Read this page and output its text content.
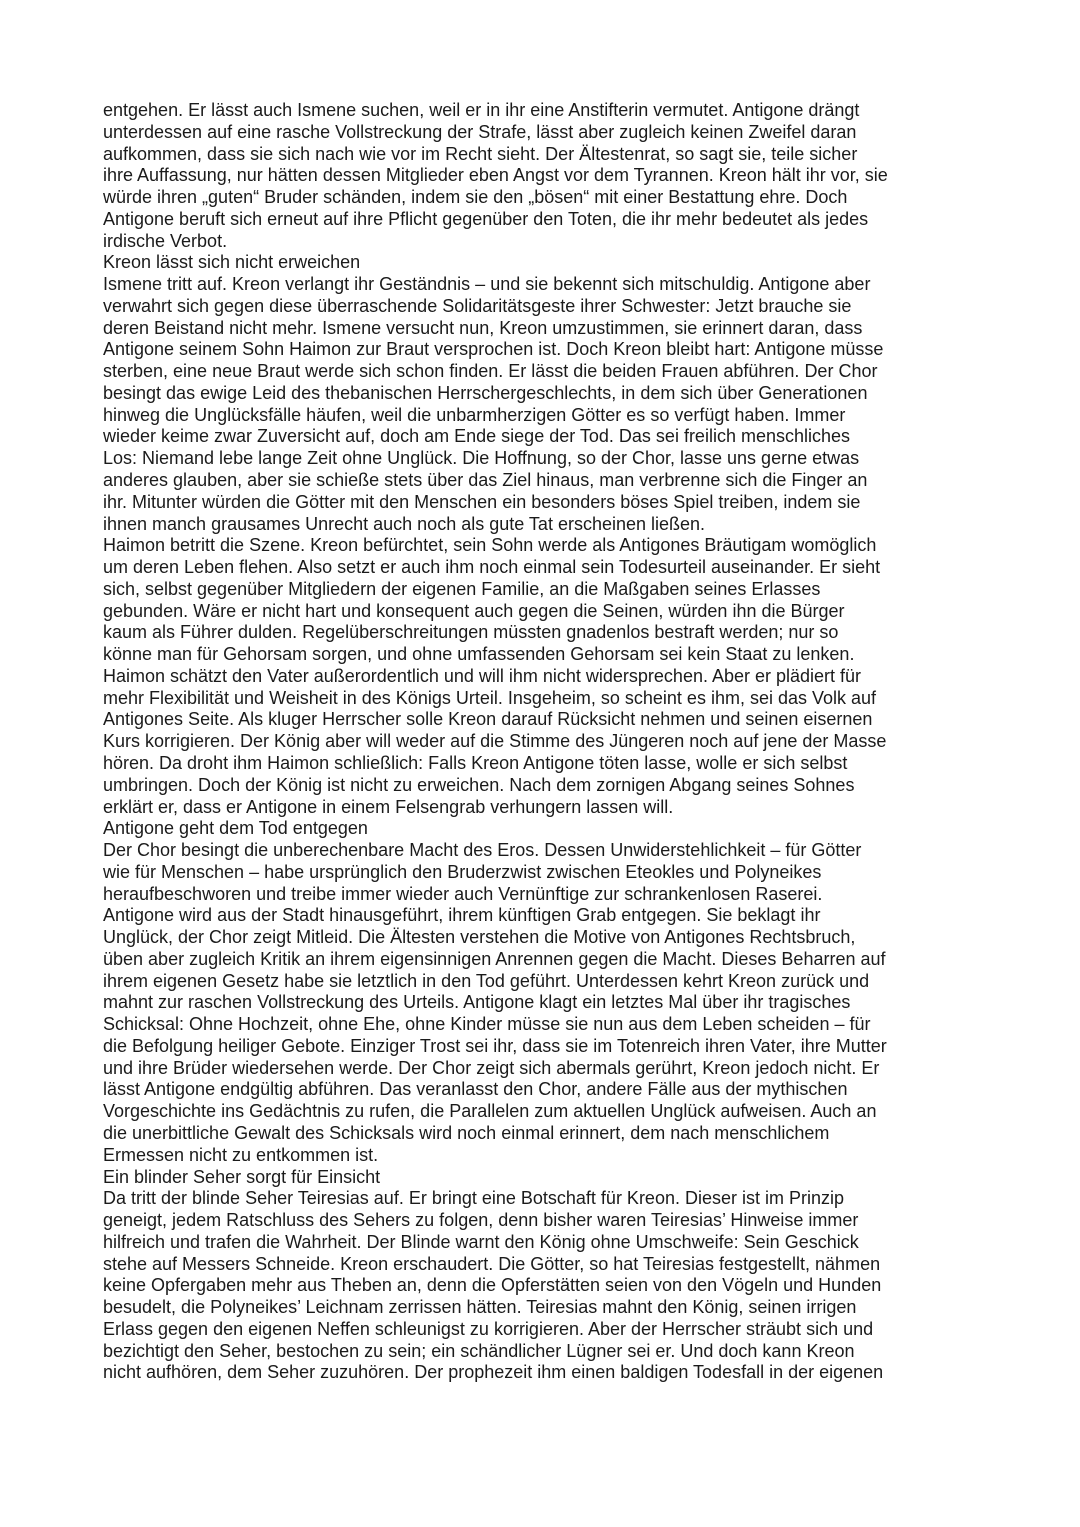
entgehen. Er lässt auch Ismene suchen, weil er in ihr eine Anstifterin vermutet. Antigone drängt
unterdessen auf eine rasche Vollstreckung der Strafe, lässt aber zugleich keinen Zweifel daran
aufkommen, dass sie sich nach wie vor im Recht sieht. Der Ältestenrat, so sagt sie, teile sicher
ihre Auffassung, nur hätten dessen Mitglieder eben Angst vor dem Tyrannen. Kreon hält ihr vor, sie
würde ihren „guten“ Bruder schänden, indem sie den „bösen“ mit einer Bestattung ehre. Doch
Antigone beruft sich erneut auf ihre Pflicht gegenüber den Toten, die ihr mehr bedeutet als jedes
irdische Verbot.
Kreon lässt sich nicht erweichen
Ismene tritt auf. Kreon verlangt ihr Geständnis – und sie bekennt sich mitschuldig. Antigone aber
verwahrt sich gegen diese überraschende Solidaritätsgeste ihrer Schwester: Jetzt brauche sie
deren Beistand nicht mehr. Ismene versucht nun, Kreon umzustimmen, sie erinnert daran, dass
Antigone seinem Sohn Haimon zur Braut versprochen ist. Doch Kreon bleibt hart: Antigone müsse
sterben, eine neue Braut werde sich schon finden. Er lässt die beiden Frauen abführen. Der Chor
besingt das ewige Leid des thebanischen Herrschergeschlechts, in dem sich über Generationen
hinweg die Unglücksfälle häufen, weil die unbarmherzigen Götter es so verfügt haben. Immer
wieder keime zwar Zuversicht auf, doch am Ende siege der Tod. Das sei freilich menschliches
Los: Niemand lebe lange Zeit ohne Unglück. Die Hoffnung, so der Chor, lasse uns gerne etwas
anderes glauben, aber sie schieße stets über das Ziel hinaus, man verbrenne sich die Finger an
ihr. Mitunter würden die Götter mit den Menschen ein besonders böses Spiel treiben, indem sie
ihnen manch grausames Unrecht auch noch als gute Tat erscheinen ließen.
Haimon betritt die Szene. Kreon befürchtet, sein Sohn werde als Antigones Bräutigam womöglich
um deren Leben flehen. Also setzt er auch ihm noch einmal sein Todesurteil auseinander. Er sieht
sich, selbst gegenüber Mitgliedern der eigenen Familie, an die Maßgaben seines Erlasses
gebunden. Wäre er nicht hart und konsequent auch gegen die Seinen, würden ihn die Bürger
kaum als Führer dulden. Regelüberschreitungen müssten gnadenlos bestraft werden; nur so
könne man für Gehorsam sorgen, und ohne umfassenden Gehorsam sei kein Staat zu lenken.
Haimon schätzt den Vater außerordentlich und will ihm nicht widersprechen. Aber er plädiert für
mehr Flexibilität und Weisheit in des Königs Urteil. Insgeheim, so scheint es ihm, sei das Volk auf
Antigones Seite. Als kluger Herrscher solle Kreon darauf Rücksicht nehmen und seinen eisernen
Kurs korrigieren. Der König aber will weder auf die Stimme des Jüngeren noch auf jene der Masse
hören. Da droht ihm Haimon schließlich: Falls Kreon Antigone töten lasse, wolle er sich selbst
umbringen. Doch der König ist nicht zu erweichen. Nach dem zornigen Abgang seines Sohnes
erklärt er, dass er Antigone in einem Felsengrab verhungern lassen will.
Antigone geht dem Tod entgegen
Der Chor besingt die unberechenbare Macht des Eros. Dessen Unwiderstehlichkeit – für Götter
wie für Menschen – habe ursprünglich den Bruderzwist zwischen Eteokles und Polyneikes
heraufbeschworen und treibe immer wieder auch Vernünftige zur schrankenlosen Raserei.
Antigone wird aus der Stadt hinausgeführt, ihrem künftigen Grab entgegen. Sie beklagt ihr
Unglück, der Chor zeigt Mitleid. Die Ältesten verstehen die Motive von Antigones Rechtsbruch,
üben aber zugleich Kritik an ihrem eigensinnigen Anrennen gegen die Macht. Dieses Beharren auf
ihrem eigenen Gesetz habe sie letztlich in den Tod geführt. Unterdessen kehrt Kreon zurück und
mahnt zur raschen Vollstreckung des Urteils. Antigone klagt ein letztes Mal über ihr tragisches
Schicksal: Ohne Hochzeit, ohne Ehe, ohne Kinder müsse sie nun aus dem Leben scheiden – für
die Befolgung heiliger Gebote. Einziger Trost sei ihr, dass sie im Totenreich ihren Vater, ihre Mutter
und ihre Brüder wiedersehen werde. Der Chor zeigt sich abermals gerührt, Kreon jedoch nicht. Er
lässt Antigone endgültig abführen. Das veranlasst den Chor, andere Fälle aus der mythischen
Vorgeschichte ins Gedächtnis zu rufen, die Parallelen zum aktuellen Unglück aufweisen. Auch an
die unerbittliche Gewalt des Schicksals wird noch einmal erinnert, dem nach menschlichem
Ermessen nicht zu entkommen ist.
Ein blinder Seher sorgt für Einsicht
Da tritt der blinde Seher Teiresias auf. Er bringt eine Botschaft für Kreon. Dieser ist im Prinzip
geneigt, jedem Ratschluss des Sehers zu folgen, denn bisher waren Teiresias’ Hinweise immer
hilfreich und trafen die Wahrheit. Der Blinde warnt den König ohne Umschweife: Sein Geschick
stehe auf Messers Schneide. Kreon erschaudert. Die Götter, so hat Teiresias festgestellt, nähmen
keine Opfergaben mehr aus Theben an, denn die Opferstätten seien von den Vögeln und Hunden
besudelt, die Polyneikes’ Leichnam zerrissen hätten. Teiresias mahnt den König, seinen irrigen
Erlass gegen den eigenen Neffen schleunigst zu korrigieren. Aber der Herrscher sträubt sich und
bezichtigt den Seher, bestochen zu sein; ein schändlicher Lügner sei er. Und doch kann Kreon
nicht aufhören, dem Seher zuzuhören. Der prophezeit ihm einen baldigen Todesfall in der eigenen
